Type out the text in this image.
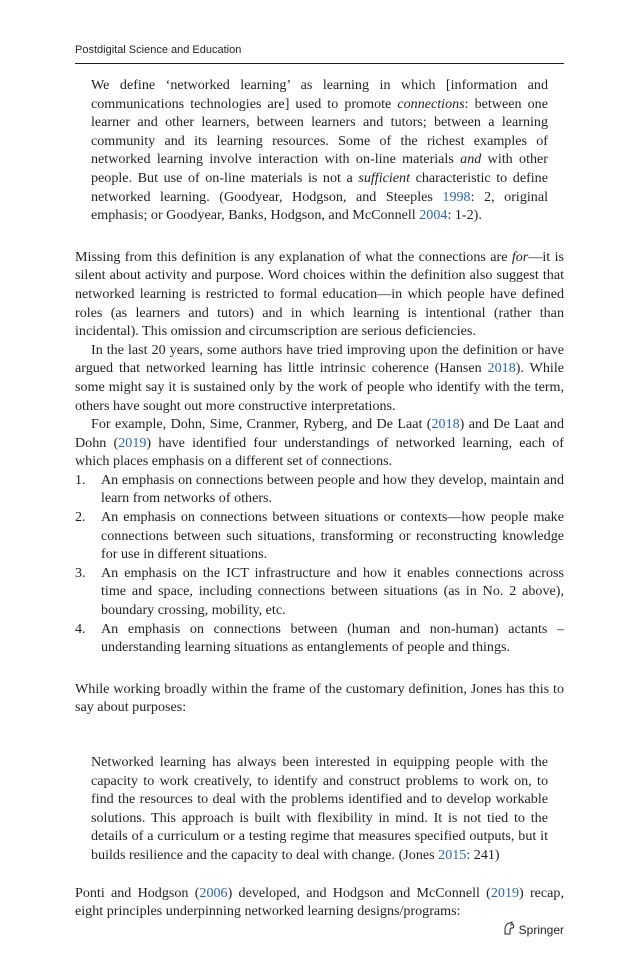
Postdigital Science and Education

We define ‘networked learning’ as learning in which [information and communications technologies are] used to promote connections: between one learner and other learners, between learners and tutors; between a learning community and its learning resources. Some of the richest examples of networked learning involve interaction with on-line materials and with other people. But use of on-line materials is not a sufficient characteristic to define networked learning. (Goodyear, Hodgson, and Steeples 1998: 2, original emphasis; or Goodyear, Banks, Hodgson, and McConnell 2004: 1-2).

Missing from this definition is any explanation of what the connections are for—it is silent about activity and purpose. Word choices within the definition also suggest that networked learning is restricted to formal education—in which people have defined roles (as learners and tutors) and in which learning is intentional (rather than incidental). This omission and circumscription are serious deficiencies.

In the last 20 years, some authors have tried improving upon the definition or have argued that networked learning has little intrinsic coherence (Hansen 2018). While some might say it is sustained only by the work of people who identify with the term, others have sought out more constructive interpretations.

For example, Dohn, Sime, Cranmer, Ryberg, and De Laat (2018) and De Laat and Dohn (2019) have identified four understandings of networked learning, each of which places emphasis on a different set of connections.

1. An emphasis on connections between people and how they develop, maintain and learn from networks of others.
2. An emphasis on connections between situations or contexts—how people make connections between such situations, transforming or reconstructing knowledge for use in different situations.
3. An emphasis on the ICT infrastructure and how it enables connections across time and space, including connections between situations (as in No. 2 above), boundary crossing, mobility, etc.
4. An emphasis on connections between (human and non-human) actants – understanding learning situations as entanglements of people and things.

While working broadly within the frame of the customary definition, Jones has this to say about purposes:

Networked learning has always been interested in equipping people with the capacity to work creatively, to identify and construct problems to work on, to find the resources to deal with the problems identified and to develop workable solutions. This approach is built with flexibility in mind. It is not tied to the details of a curriculum or a testing regime that measures specified outputs, but it builds resilience and the capacity to deal with change. (Jones 2015: 241)

Ponti and Hodgson (2006) developed, and Hodgson and McConnell (2019) recap, eight principles underpinning networked learning designs/programs:

Springer
